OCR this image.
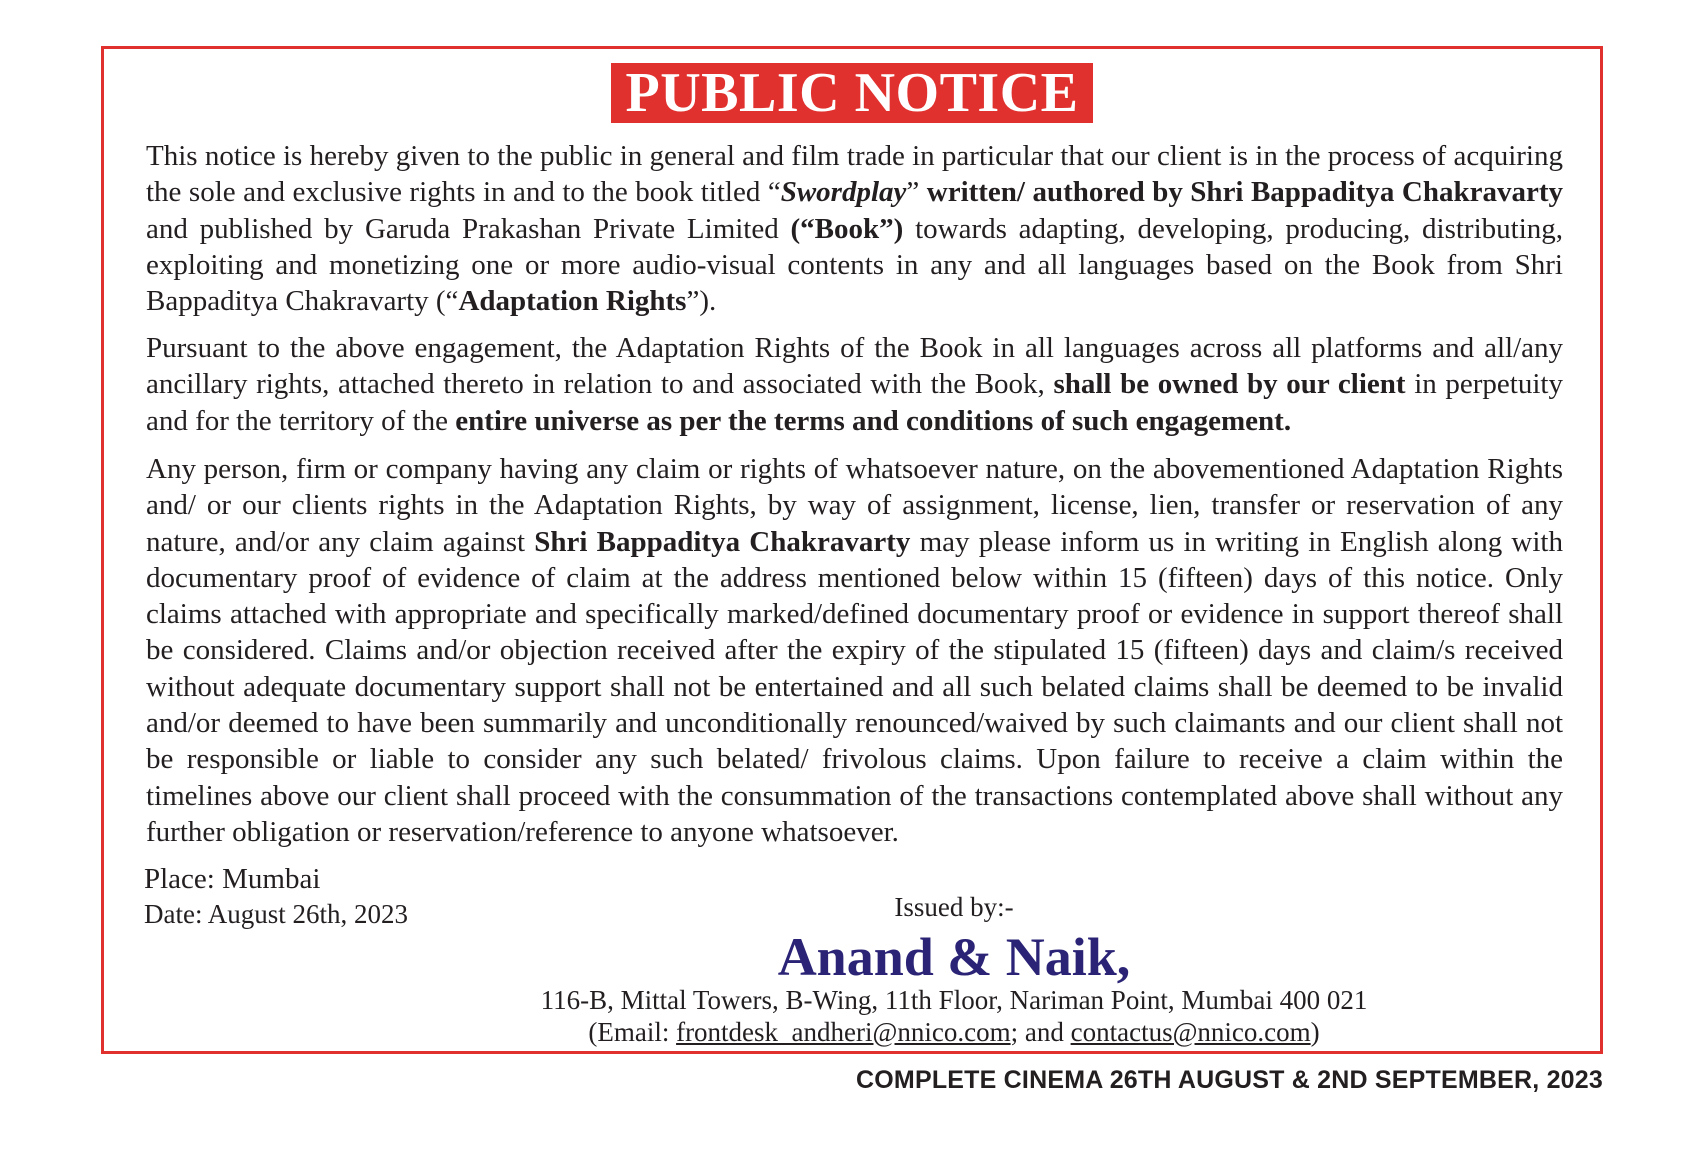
PUBLIC NOTICE

This notice is hereby given to the public in general and film trade in particular that our client is in the process of acquiring the sole and exclusive rights in and to the book titled “Swordplay” written/ authored by Shri Bappaditya Chakravarty and published by Garuda Prakashan Private Limited (“Book”) towards adapting, developing, producing, distributing, exploiting and monetizing one or more audio-visual contents in any and all languages based on the Book from Shri Bappaditya Chakravarty (“Adaptation Rights”).

Pursuant to the above engagement, the Adaptation Rights of the Book in all languages across all platforms and all/any ancillary rights, attached thereto in relation to and associated with the Book, shall be owned by our client in perpetuity and for the territory of the entire universe as per the terms and conditions of such engagement.

Any person, firm or company having any claim or rights of whatsoever nature, on the abovementioned Adaptation Rights and/ or our clients rights in the Adaptation Rights, by way of assignment, license, lien, transfer or reservation of any nature, and/or any claim against Shri Bappaditya Chakravarty may please inform us in writing in English along with documentary proof of evidence of claim at the address mentioned below within 15 (fifteen) days of this notice. Only claims attached with appropriate and specifically marked/defined documentary proof or evidence in support thereof shall be considered. Claims and/or objection received after the expiry of the stipulated 15 (fifteen) days and claim/s received without adequate documentary support shall not be entertained and all such belated claims shall be deemed to be invalid and/or deemed to have been summarily and unconditionally renounced/waived by such claimants and our client shall not be responsible or liable to consider any such belated/ frivolous claims. Upon failure to receive a claim within the timelines above our client shall proceed with the consummation of the transactions contemplated above shall without any further obligation or reservation/reference to anyone whatsoever.

Place: Mumbai
Date: August 26th, 2023	Issued by:-
Anand & Naik,
116-B, Mittal Towers, B-Wing, 11th Floor, Nariman Point, Mumbai 400 021
(Email: frontdesk_andheri@nnico.com; and contactus@nnico.com)
COMPLETE CINEMA 26TH AUGUST & 2ND SEPTEMBER, 2023
